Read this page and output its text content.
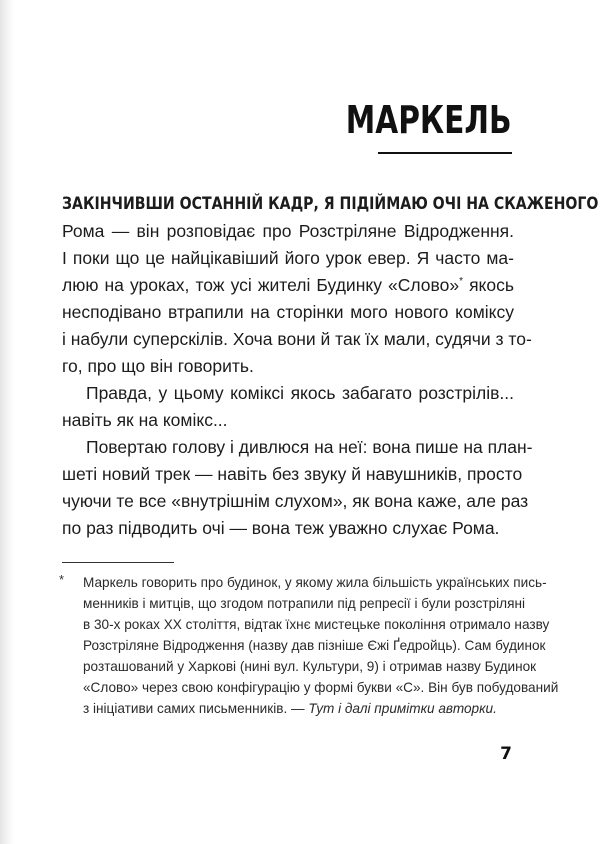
МАРКЕЛЬ
ЗАКІНЧИВШИ ОСТАННІЙ КАДР, Я ПІДІЙМАЮ ОЧІ НА СКАЖЕНОГО
Рома — він розповідає про Розстріляне Відродження.
І поки що це найцікавіший його урок евер. Я часто ма-
люю на уроках, тож усі жителі Будинку «Слово»* якось
несподівано втрапили на сторінки мого нового коміксу
і набули суперскілів. Хоча вони й так їх мали, судячи з то-
го, про що він говорить.
Правда, у цьому коміксі якось забагато розстрілів...
навіть як на комікс...
Повертаю голову і дивлюся на неї: вона пише на план-
шеті новий трек — навіть без звуку й навушників, просто
чуючи те все «внутрішнім слухом», як вона каже, але раз
по раз підводить очі — вона теж уважно слухає Рома.
*	Маркель говорить про будинок, у якому жила більшість українських пись-
менників і митців, що згодом потрапили під репресії і були розстріляні
в 30-х роках ХХ століття, відтак їхнє мистецьке покоління отримало назву
Розстріляне Відродження (назву дав пізніше Єжі Ґедройць). Сам будинок
розташований у Харкові (нині вул. Культури, 9) і отримав назву Будинок
«Слово» через свою конфігурацію у формі букви «С». Він був побудований
з ініціативи самих письменників. — Тут і далі примітки авторки.
7
